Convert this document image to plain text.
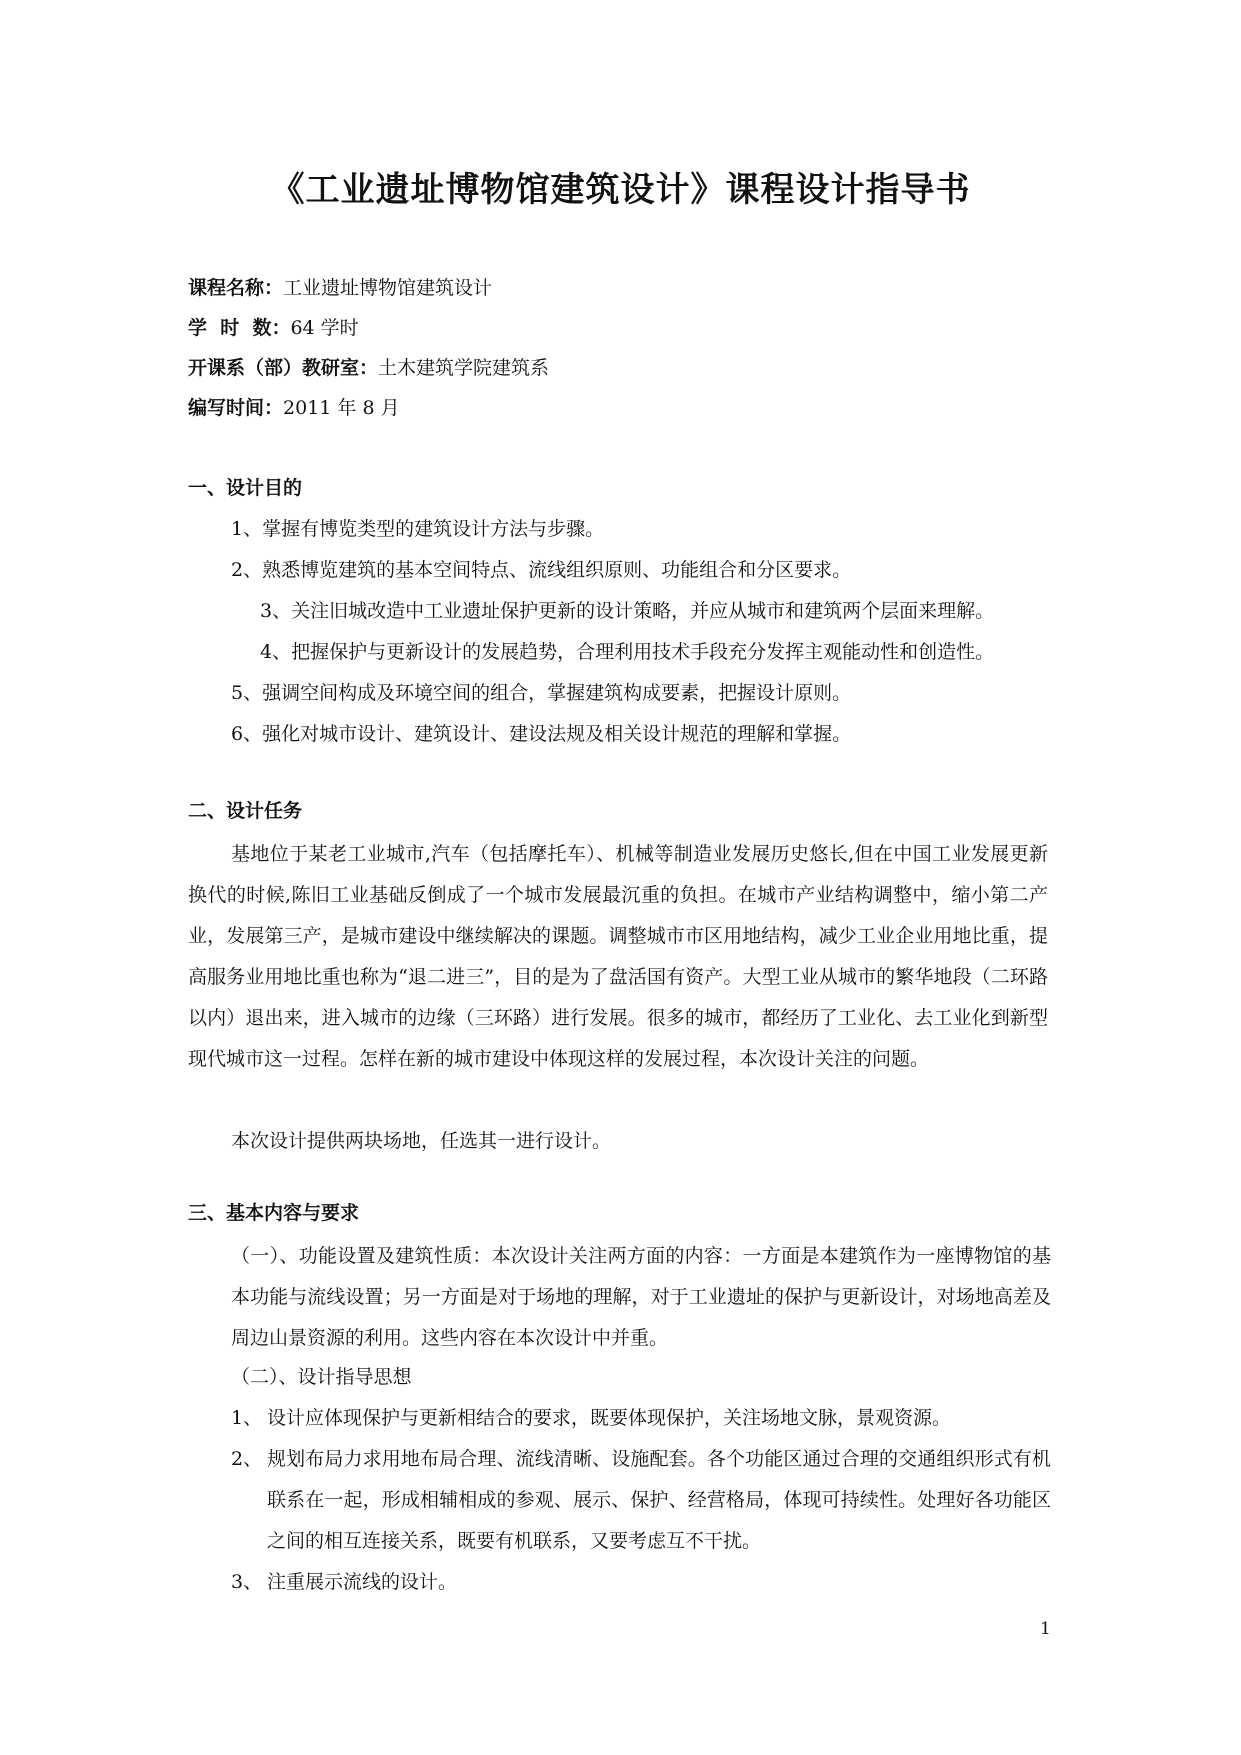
《工业遗址博物馆建筑设计》课程设计指导书
课程名称：工业遗址博物馆建筑设计
学  时  数：64 学时
开课系（部）教研室：土木建筑学院建筑系
编写时间：2011 年 8 月
一、设计目的
1、掌握有博览类型的建筑设计方法与步骤。
2、熟悉博览建筑的基本空间特点、流线组织原则、功能组合和分区要求。
3、关注旧城改造中工业遗址保护更新的设计策略，并应从城市和建筑两个层面来理解。
4、把握保护与更新设计的发展趋势，合理利用技术手段充分发挥主观能动性和创造性。
5、强调空间构成及环境空间的组合，掌握建筑构成要素，把握设计原则。
6、强化对城市设计、建筑设计、建设法规及相关设计规范的理解和掌握。
二、设计任务

基地位于某老工业城市,汽车（包括摩托车）、机械等制造业发展历史悠长,但在中国工业发展更新换代的时候,陈旧工业基础反倒成了一个城市发展最沉重的负担。在城市产业结构调整中，缩小第二产业，发展第三产，是城市建设中继续解决的课题。调整城市市区用地结构，减少工业企业用地比重，提高服务业用地比重也称为“退二进三”，目的是为了盘活国有资产。大型工业从城市的繁华地段（二环路以内）退出来，进入城市的边缘（三环路）进行发展。很多的城市，都经历了工业化、去工业化到新型现代城市这一过程。怎样在新的城市建设中体现这样的发展过程，本次设计关注的问题。

本次设计提供两块场地，任选其一进行设计。

三、基本内容与要求

（一）、功能设置及建筑性质：本次设计关注两方面的内容：一方面是本建筑作为一座博物馆的基本功能与流线设置；另一方面是对于场地的理解，对于工业遗址的保护与更新设计，对场地高差及周边山景资源的利用。这些内容在本次设计中并重。

（二）、设计指导思想
1、 设计应体现保护与更新相结合的要求，既要体现保护，关注场地文脉，景观资源。
2、 规划布局力求用地布局合理、流线清晰、设施配套。各个功能区通过合理的交通组织形式有机联系在一起，形成相辅相成的参观、展示、保护、经营格局，体现可持续性。处理好各功能区之间的相互连接关系，既要有机联系，又要考虑互不干扰。
3、 注重展示流线的设计。
1
